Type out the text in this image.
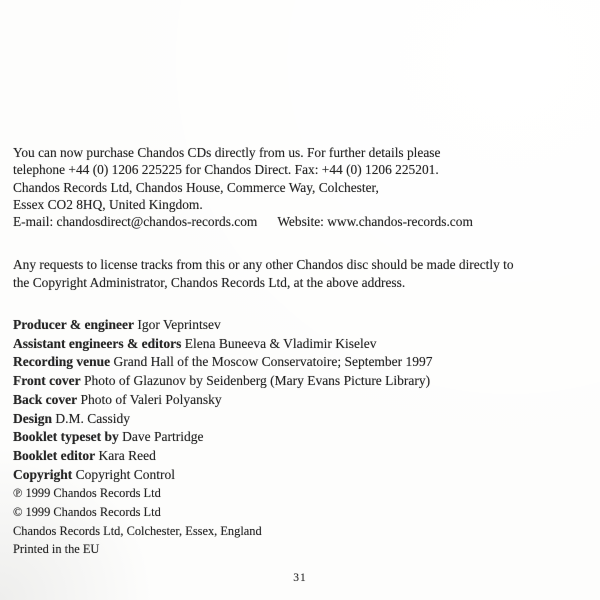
You can now purchase Chandos CDs directly from us. For further details please
telephone +44 (0) 1206 225225 for Chandos Direct. Fax: +44 (0) 1206 225201.
Chandos Records Ltd, Chandos House, Commerce Way, Colchester,
Essex CO2 8HQ, United Kingdom.
E-mail: chandosdirect@chandos-records.com Website: www.chandos-records.com
Any requests to license tracks from this or any other Chandos disc should be made directly to
the Copyright Administrator, Chandos Records Ltd, at the above address.
Producer & engineer Igor Veprintsev
Assistant engineers & editors Elena Buneeva & Vladimir Kiselev
Recording venue Grand Hall of the Moscow Conservatoire; September 1997
Front cover Photo of Glazunov by Seidenberg (Mary Evans Picture Library)
Back cover Photo of Valeri Polyansky
Design D.M. Cassidy
Booklet typeset by Dave Partridge
Booklet editor Kara Reed
Copyright Copyright Control
℗ 1999 Chandos Records Ltd
© 1999 Chandos Records Ltd
Chandos Records Ltd, Colchester, Essex, England
Printed in the EU
31
